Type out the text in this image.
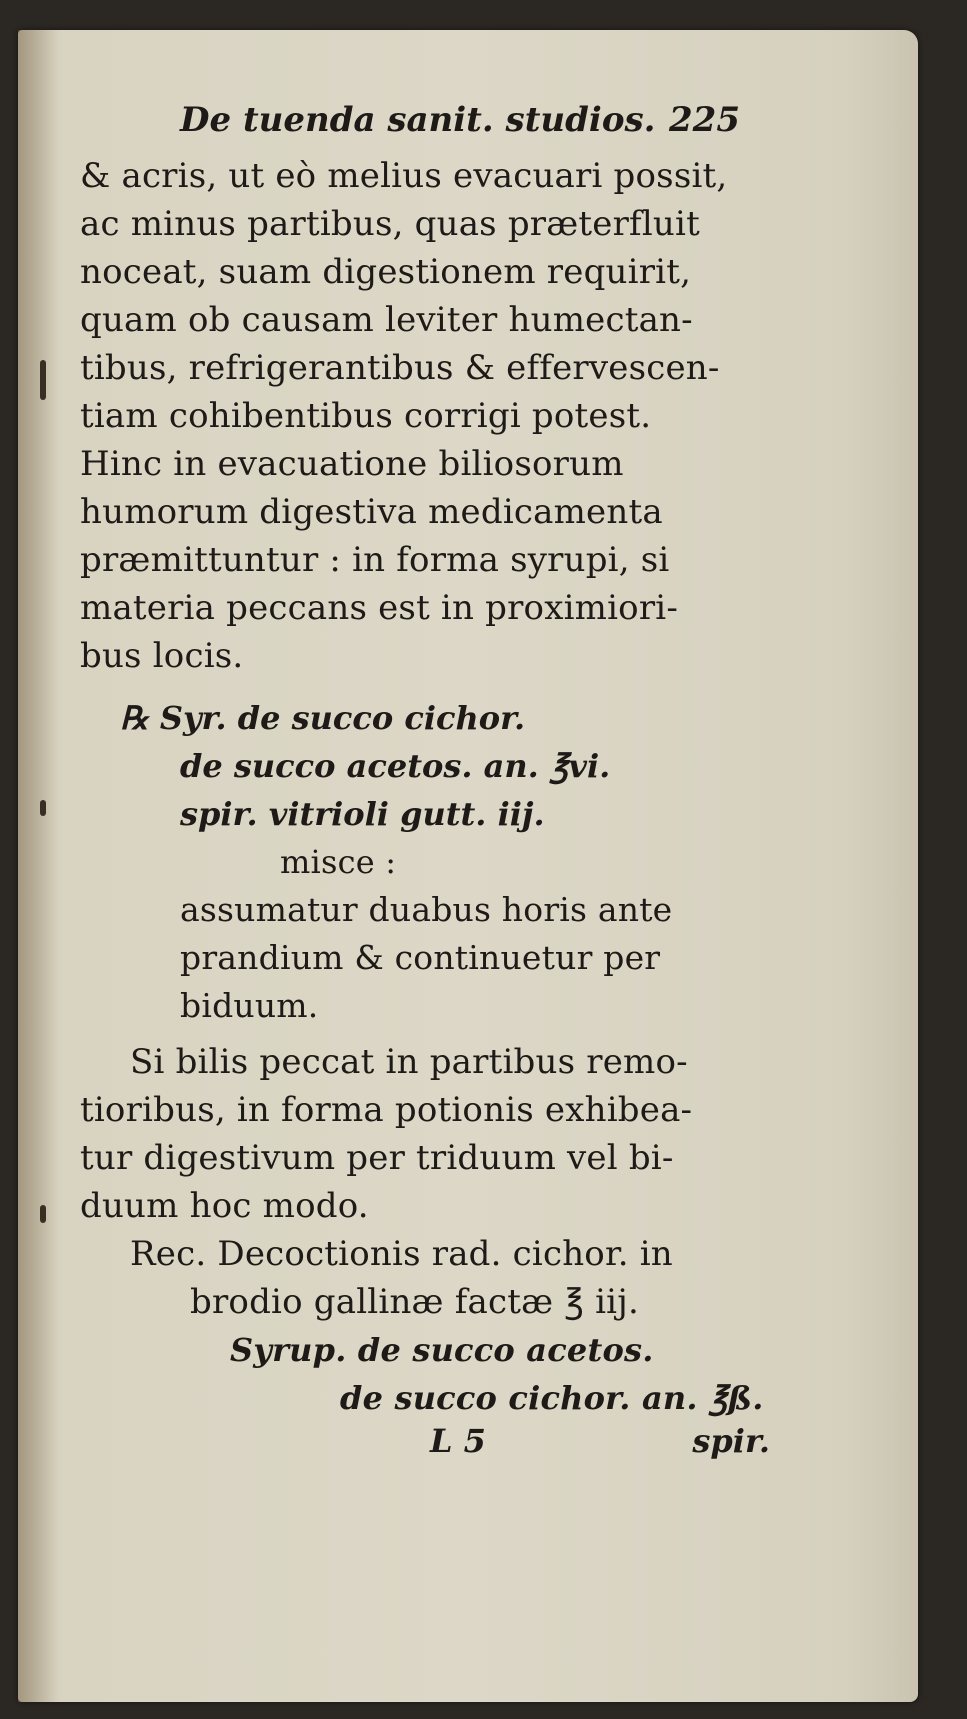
De tuenda sanit. studios. 225
& acris, ut eò melius evacuari possit,
ac minus partibus, quas præterfluit
noceat, suam digestionem requirit,
quam ob causam leviter humectan-
tibus, refrigerantibus & effervescen-
tiam cohibentibus corrigi potest.
Hinc in evacuatione biliosorum
humorum digestiva medicamenta
præmittuntur : in forma syrupi, si
materia peccans est in proximiori-
bus locis.
℞ Syr. de succo cichor.
de succo acetos. an. ℥vi.
spir. vitrioli gutt. iij.
misce :
assumatur duabus horis ante
prandium & continuetur per
biduum.
Si bilis peccat in partibus remo-
tioribus, in forma potionis exhibea-
tur digestivum per triduum vel bi-
duum hoc modo.
Rec. Decoctionis rad. cichor. in
brodio gallinæ factæ ℥ iij.
Syrup. de succo acetos.
de succo cichor. an. ℥ß.
L 5	spir.
